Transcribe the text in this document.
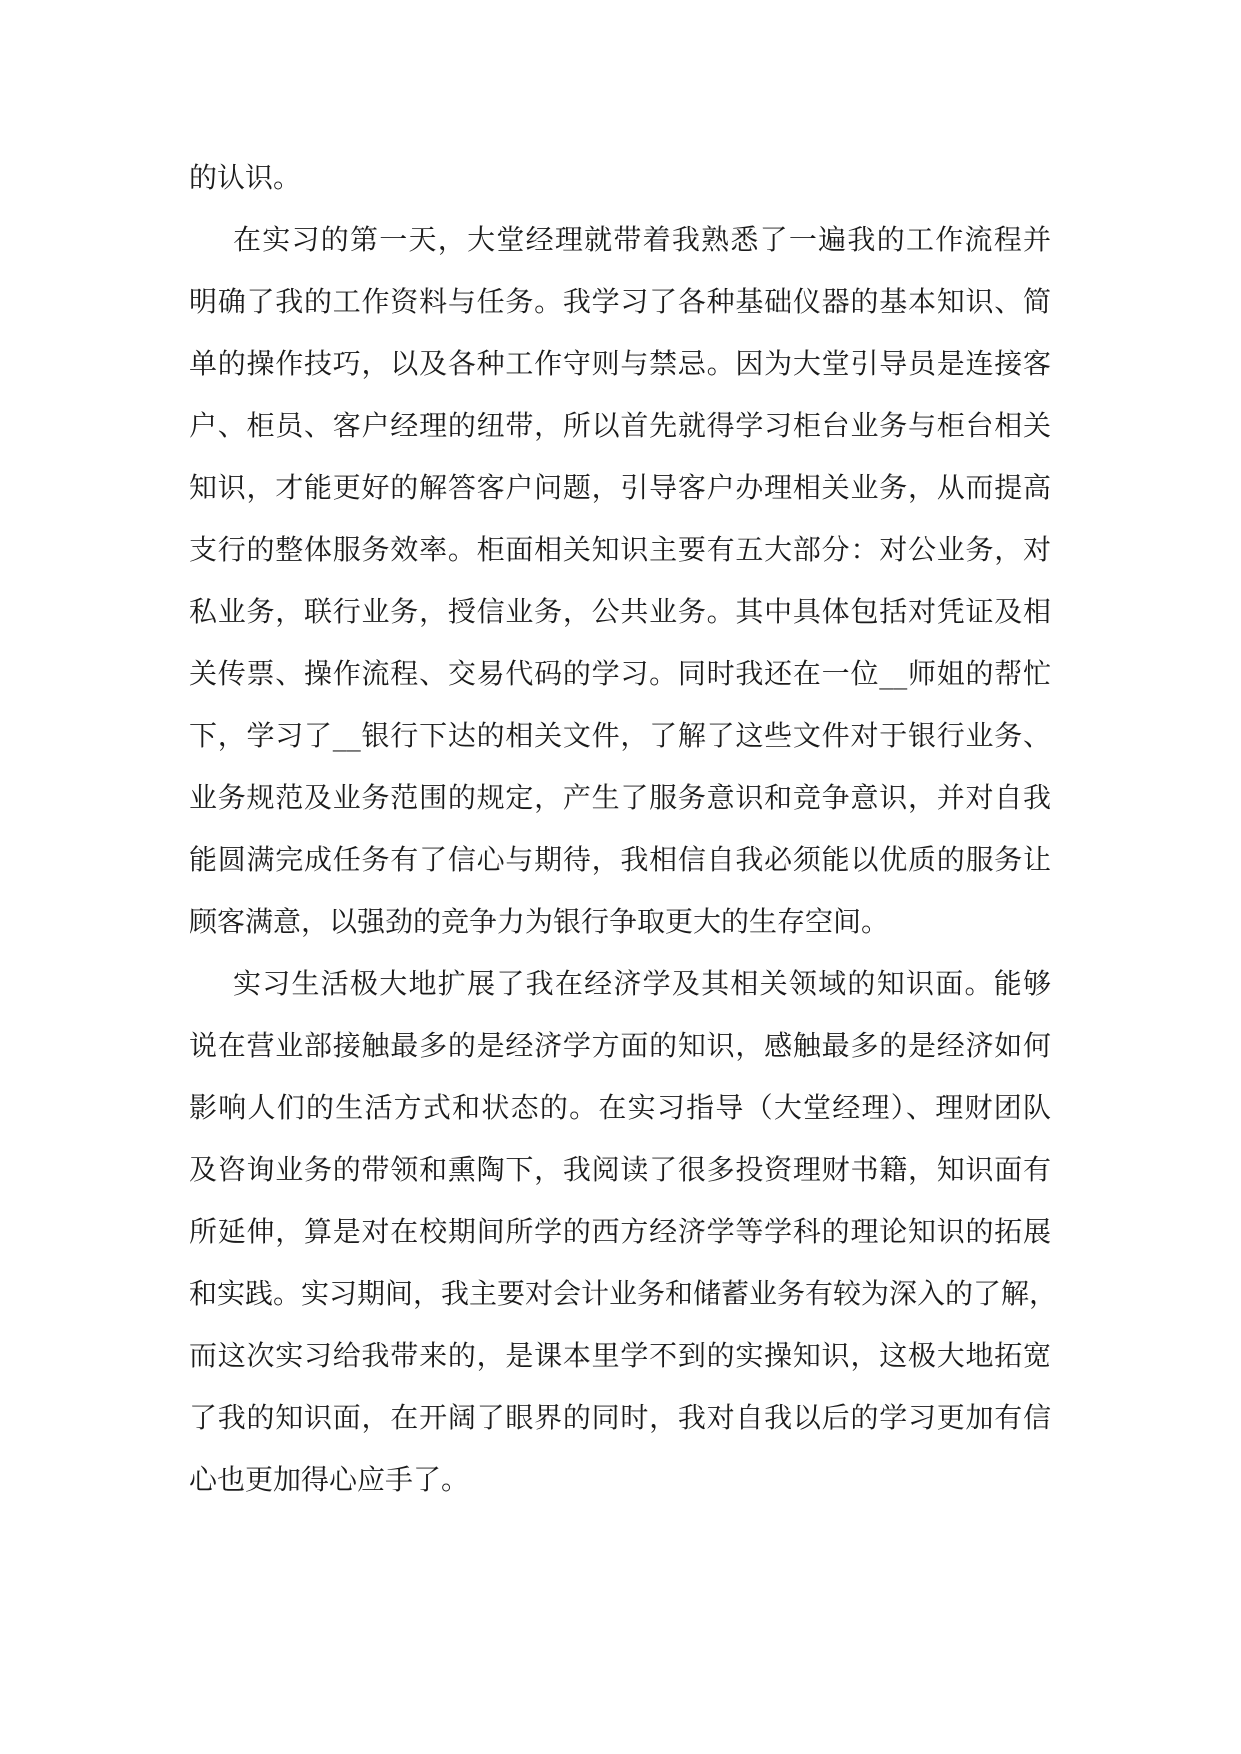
的认识。
在实习的第一天，大堂经理就带着我熟悉了一遍我的工作流程并
明确了我的工作资料与任务。我学习了各种基础仪器的基本知识、简
单的操作技巧，以及各种工作守则与禁忌。因为大堂引导员是连接客
户、柜员、客户经理的纽带，所以首先就得学习柜台业务与柜台相关
知识，才能更好的解答客户问题，引导客户办理相关业务，从而提高
支行的整体服务效率。柜面相关知识主要有五大部分：对公业务，对
私业务，联行业务，授信业务，公共业务。其中具体包括对凭证及相
关传票、操作流程、交易代码的学习。同时我还在一位__师姐的帮忙
下，学习了__银行下达的相关文件，了解了这些文件对于银行业务、
业务规范及业务范围的规定，产生了服务意识和竞争意识，并对自我
能圆满完成任务有了信心与期待，我相信自我必须能以优质的服务让
顾客满意，以强劲的竞争力为银行争取更大的生存空间。
实习生活极大地扩展了我在经济学及其相关领域的知识面。能够
说在营业部接触最多的是经济学方面的知识，感触最多的是经济如何
影响人们的生活方式和状态的。在实习指导（大堂经理）、理财团队
及咨询业务的带领和熏陶下，我阅读了很多投资理财书籍，知识面有
所延伸，算是对在校期间所学的西方经济学等学科的理论知识的拓展
和实践。实习期间，我主要对会计业务和储蓄业务有较为深入的了解，
而这次实习给我带来的，是课本里学不到的实操知识，这极大地拓宽
了我的知识面，在开阔了眼界的同时，我对自我以后的学习更加有信
心也更加得心应手了。
